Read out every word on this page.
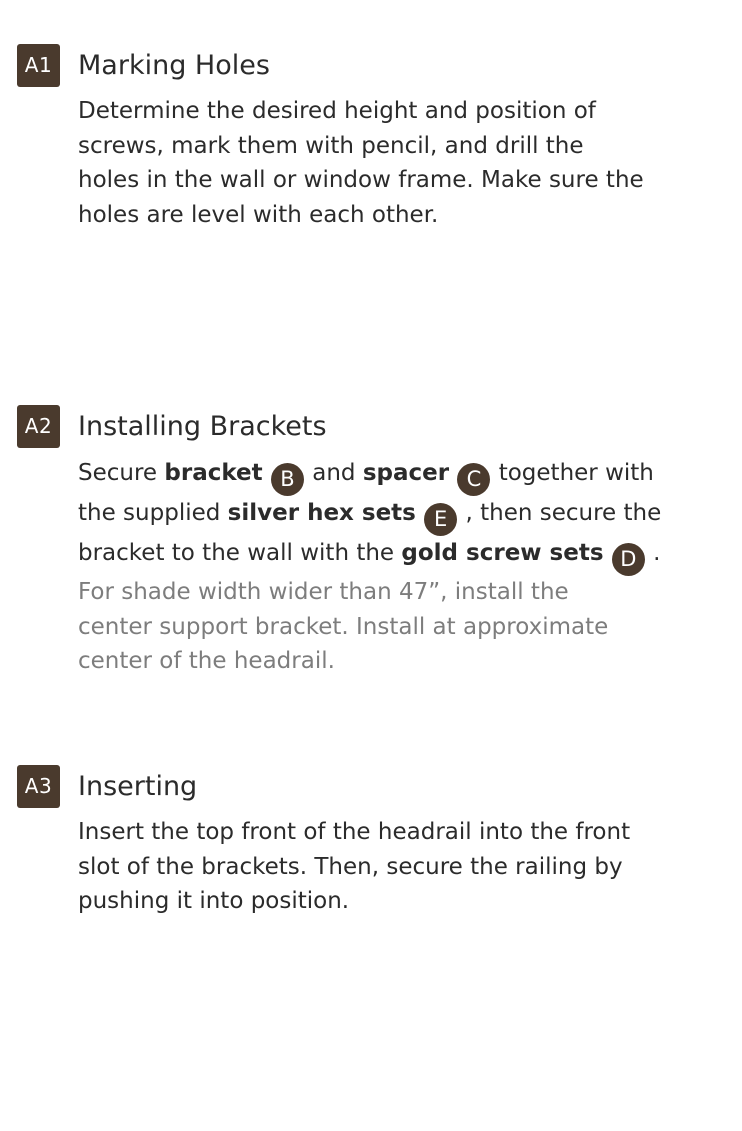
A1 Marking Holes
Determine the desired height and position of
screws, mark them with pencil, and drill the
holes in the wall or window frame. Make sure the
holes are level with each other.
A2 Installing Brackets
Secure bracket B and spacer C together with
the supplied silver hex sets E , then secure the
bracket to the wall with the gold screw sets D .
For shade width wider than 47”, install the
center support bracket. Install at approximate
center of the headrail.
A3 Inserting
Insert the top front of the headrail into the front
slot of the brackets. Then, secure the railing by
pushing it into position.
